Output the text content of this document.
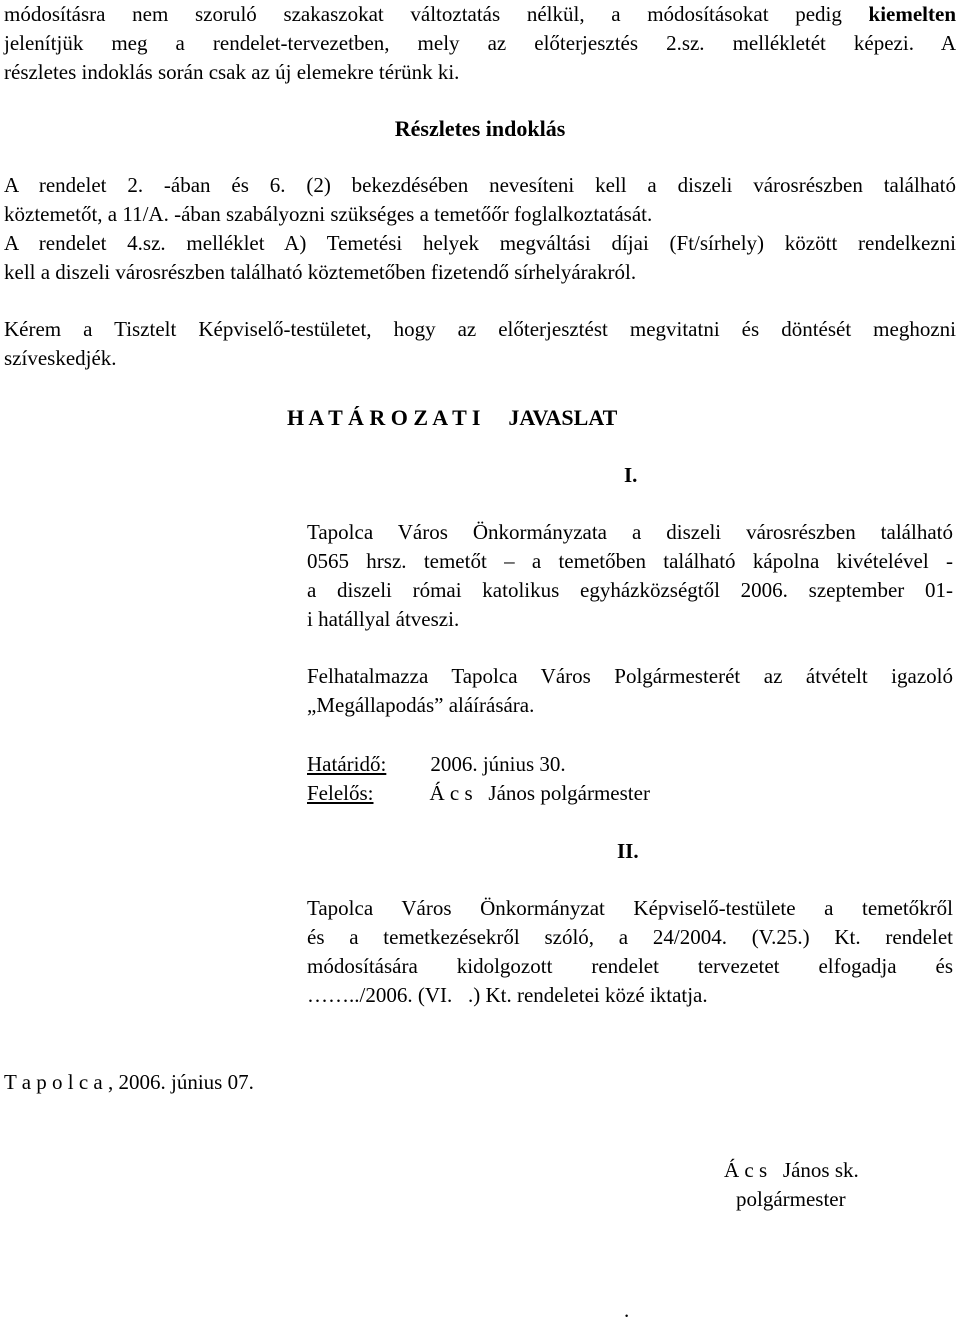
módosításra nem szoruló szakaszokat változtatás nélkül, a módosításokat pedig kiemelten
jelenítjük meg a rendelet-tervezetben, mely az előterjesztés 2.sz. mellékletét képezi. A
részletes indoklás során csak az új elemekre térünk ki.
Részletes indoklás
A rendelet 2. -ában és 6. (2) bekezdésében nevesíteni kell a diszeli városrészben található
köztemetőt, a 11/A. -ában szabályozni szükséges a temetőőr foglalkoztatását.
A rendelet 4.sz. melléklet A) Temetési helyek megváltási díjai (Ft/sírhely) között rendelkezni
kell a diszeli városrészben található köztemetőben fizetendő sírhelyárakról.
Kérem a Tisztelt Képviselő-testületet, hogy az előterjesztést megvitatni és döntését meghozni
szíveskedjék.
H A T Á R O Z A T I JAVASLAT
I.
Tapolca Város Önkormányzata a diszeli városrészben található
0565 hrsz. temetőt – a temetőben található kápolna kivételével -
a diszeli római katolikus egyházközségtől 2006. szeptember 01-
i hatállyal átveszi.
Felhatalmazza Tapolca Város Polgármesterét az átvételt igazoló
„Megállapodás” aláírására.
Határidő: 2006. június 30.
Felelős:	Á c s   János polgármester
II.
Tapolca Város Önkormányzat Képviselő-testülete a temetőkről
és a temetkezésekről szóló, a 24/2004. (V.25.) Kt. rendelet
módosítására kidolgozott rendelet tervezetet elfogadja és
……../2006. (VI.   .) Kt. rendeletei közé iktatja.
T a p o l c a , 2006. június 07.
Á c s   János sk.
polgármester
.
